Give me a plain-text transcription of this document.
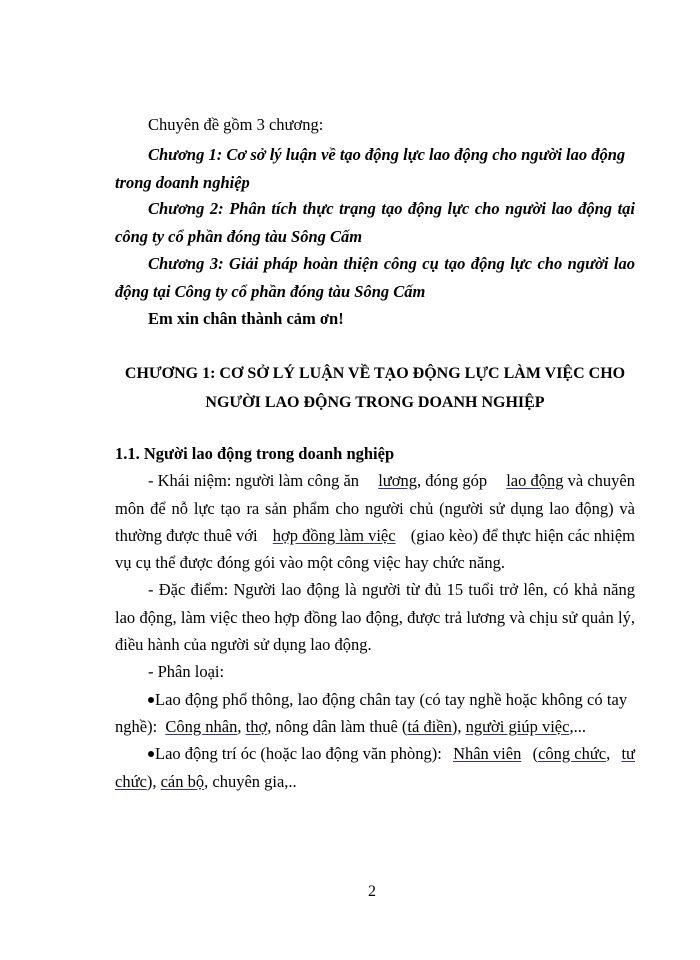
Chuyên đề gồm 3 chương:
Chương 1: Cơ sở lý luận về tạo động lực lao động cho người lao động
trong doanh nghiệp
Chương 2: Phân tích thực trạng tạo động lực cho người lao động tại
công ty cổ phần đóng tàu Sông Cấm
Chương 3: Giải pháp hoàn thiện công cụ tạo động lực cho người lao
động tại Công ty cổ phần đóng tàu Sông Cấm
Em xin chân thành cảm ơn!
CHƯƠNG 1: CƠ SỞ LÝ LUẬN VỀ TẠO ĐỘNG LỰC LÀM VIỆC CHO
NGƯỜI LAO ĐỘNG TRONG DOANH NGHIỆP
1.1. Người lao động trong doanh nghiệp
- Khái niệm: người làm công ăn lương, đóng góp lao động và chuyên
môn để nỗ lực tạo ra sản phẩm cho người chủ (người sử dụng lao động) và
thường được thuê với hợp đồng làm việc (giao kèo) để thực hiện các nhiệm
vụ cụ thể được đóng gói vào một công việc hay chức năng.
- Đặc điểm: Người lao động là người từ đủ 15 tuổi trở lên, có khả năng
lao động, làm việc theo hợp đồng lao động, được trả lương và chịu sử quản lý,
điều hành của người sử dụng lao động.
- Phân loại:
Lao động phổ thông, lao động chân tay (có tay nghề hoặc không có tay
nghề): Công nhân, thợ, nông dân làm thuê (tá điền), người giúp việc,...
Lao động trí óc (hoặc lao động văn phòng): Nhân viên (công chức, tư
chức), cán bộ, chuyên gia,..
2
